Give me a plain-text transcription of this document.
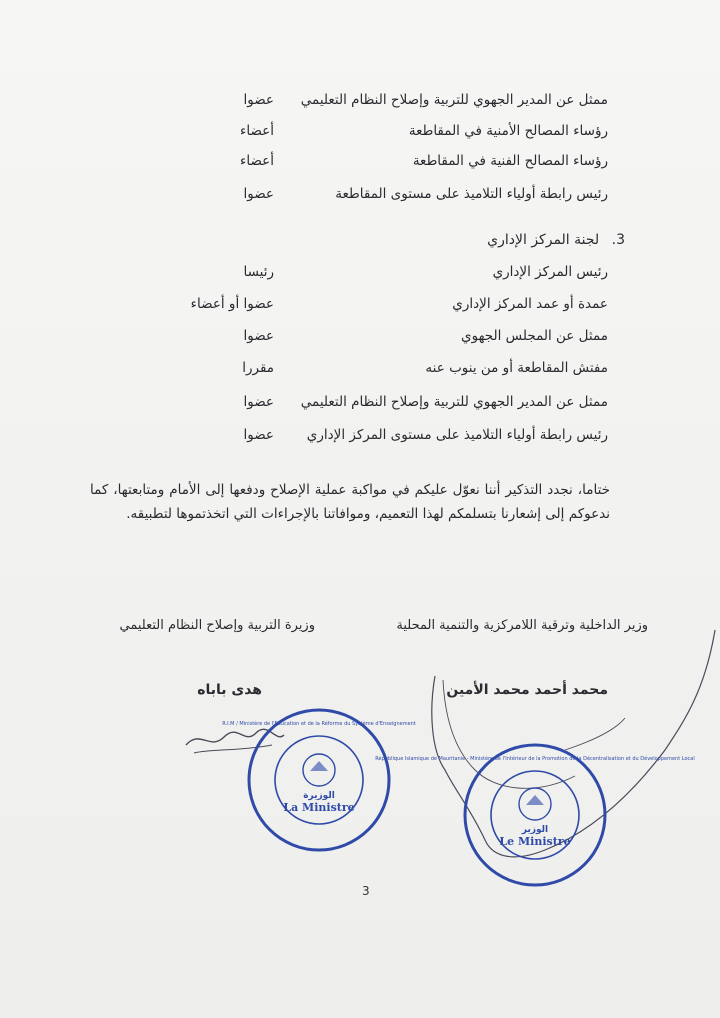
ممثل عن المدير الجهوي للتربية وإصلاح النظام التعليمي
عضوا
رؤساء المصالح الأمنية في المقاطعة
أعضاء
رؤساء المصالح الفنية في المقاطعة
أعضاء
رئيس رابطة أولياء التلاميذ على مستوى المقاطعة
عضوا
3. لجنة المركز الإداري
رئيس المركز الإداري
رئيسا
عمدة أو عمد المركز الإداري
عضوا أو أعضاء
ممثل عن المجلس الجهوي
عضوا
مفتش المقاطعة أو من ينوب عنه
مقررا
ممثل عن المدير الجهوي للتربية وإصلاح النظام التعليمي
عضوا
رئيس رابطة أولياء التلاميذ على مستوى المركز الإداري
عضوا
ختاما، نجدد التذكير أننا نعوّل عليكم في مواكبة عملية الإصلاح ودفعها إلى الأمام ومتابعتها، كما ندعوكم إلى إشعارنا بتسلمكم لهذا التعميم، وموافاتنا بالإجراءات التي اتخذتموها لتطبيقه.
وزير الداخلية وترقية اللامركزية والتنمية المحلية
وزيرة التربية وإصلاح النظام التعليمي
محمد أحمد محمد الأمين
هدى باباه
الوزيرة
La Ministre
R.I.M / Ministère de l'Education et de la Réforme du Système d'Enseignement
الوزير
Le Ministre
République Islamique de Mauritanie - Ministère de l'Intérieur de la Promotion de la Décentralisation et du Développement Local
3
